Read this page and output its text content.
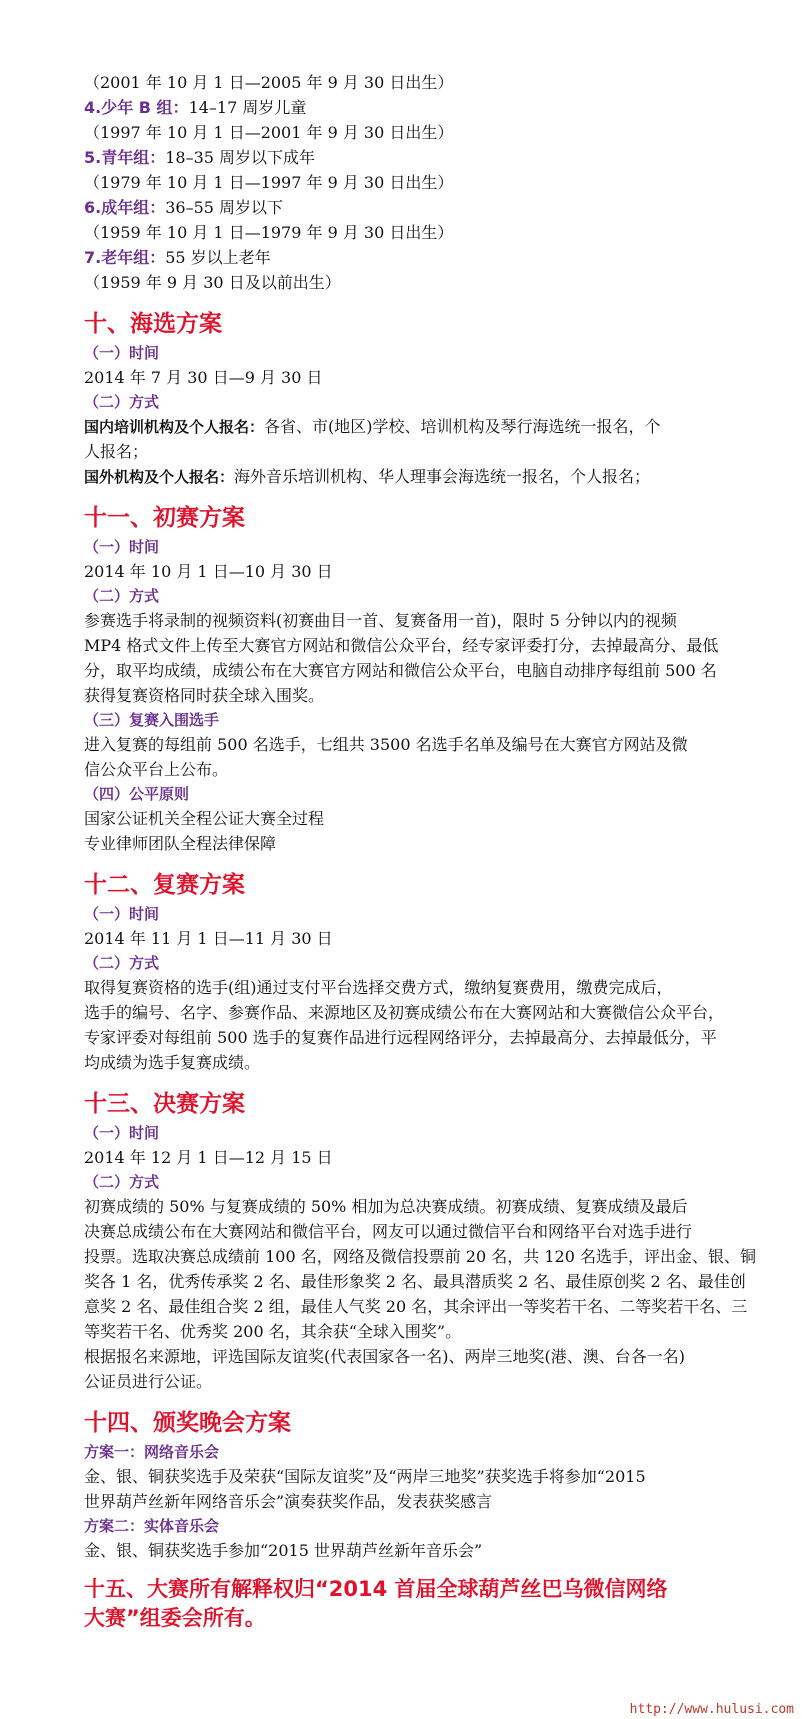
（2001 年 10 月 1 日—2005 年 9 月 30 日出生）
4.少年 B 组：14–17 周岁儿童
（1997 年 10 月 1 日—2001 年 9 月 30 日出生）
5.青年组：18–35 周岁以下成年
（1979 年 10 月 1 日—1997 年 9 月 30 日出生）
6.成年组：36–55 周岁以下
（1959 年 10 月 1 日—1979 年 9 月 30 日出生）
7.老年组：55 岁以上老年
（1959 年 9 月 30 日及以前出生）
十、海选方案
（一）时间
2014 年 7 月 30 日—9 月 30 日
（二）方式
国内培训机构及个人报名：各省、市(地区)学校、培训机构及琴行海选统一报名，个
人报名；
国外机构及个人报名：海外音乐培训机构、华人理事会海选统一报名，个人报名；
十一、初赛方案
（一）时间
2014 年 10 月 1 日—10 月 30 日
（二）方式
参赛选手将录制的视频资料(初赛曲目一首、复赛备用一首)，限时 5 分钟以内的视频
MP4 格式文件上传至大赛官方网站和微信公众平台，经专家评委打分，去掉最高分、最低
分，取平均成绩，成绩公布在大赛官方网站和微信公众平台，电脑自动排序每组前 500 名
获得复赛资格同时获全球入围奖。
（三）复赛入围选手
进入复赛的每组前 500 名选手，七组共 3500 名选手名单及编号在大赛官方网站及微
信公众平台上公布。
（四）公平原则
国家公证机关全程公证大赛全过程
专业律师团队全程法律保障
十二、复赛方案
（一）时间
2014 年 11 月 1 日—11 月 30 日
（二）方式
取得复赛资格的选手(组)通过支付平台选择交费方式，缴纳复赛费用，缴费完成后，
选手的编号、名字、参赛作品、来源地区及初赛成绩公布在大赛网站和大赛微信公众平台，
专家评委对每组前 500 选手的复赛作品进行远程网络评分，去掉最高分、去掉最低分，平
均成绩为选手复赛成绩。
十三、决赛方案
（一）时间
2014 年 12 月 1 日—12 月 15 日
（二）方式
初赛成绩的 50% 与复赛成绩的 50% 相加为总决赛成绩。初赛成绩、复赛成绩及最后
决赛总成绩公布在大赛网站和微信平台，网友可以通过微信平台和网络平台对选手进行
投票。选取决赛总成绩前 100 名，网络及微信投票前 20 名，共 120 名选手，评出金、银、铜
奖各 1 名，优秀传承奖 2 名、最佳形象奖 2 名、最具潜质奖 2 名、最佳原创奖 2 名、最佳创
意奖 2 名、最佳组合奖 2 组，最佳人气奖 20 名，其余评出一等奖若干名、二等奖若干名、三
等奖若干名、优秀奖 200 名，其余获“全球入围奖”。
根据报名来源地，评选国际友谊奖(代表国家各一名)、两岸三地奖(港、澳、台各一名)
公证员进行公证。
十四、颁奖晚会方案
方案一：网络音乐会
金、银、铜获奖选手及荣获“国际友谊奖”及“两岸三地奖”获奖选手将参加“2015
世界葫芦丝新年网络音乐会”演奏获奖作品，发表获奖感言
方案二：实体音乐会
金、银、铜获奖选手参加“2015 世界葫芦丝新年音乐会”
十五、大赛所有解释权归“2014 首届全球葫芦丝巴乌微信网络
大赛”组委会所有。
http://www.hulusi.com
